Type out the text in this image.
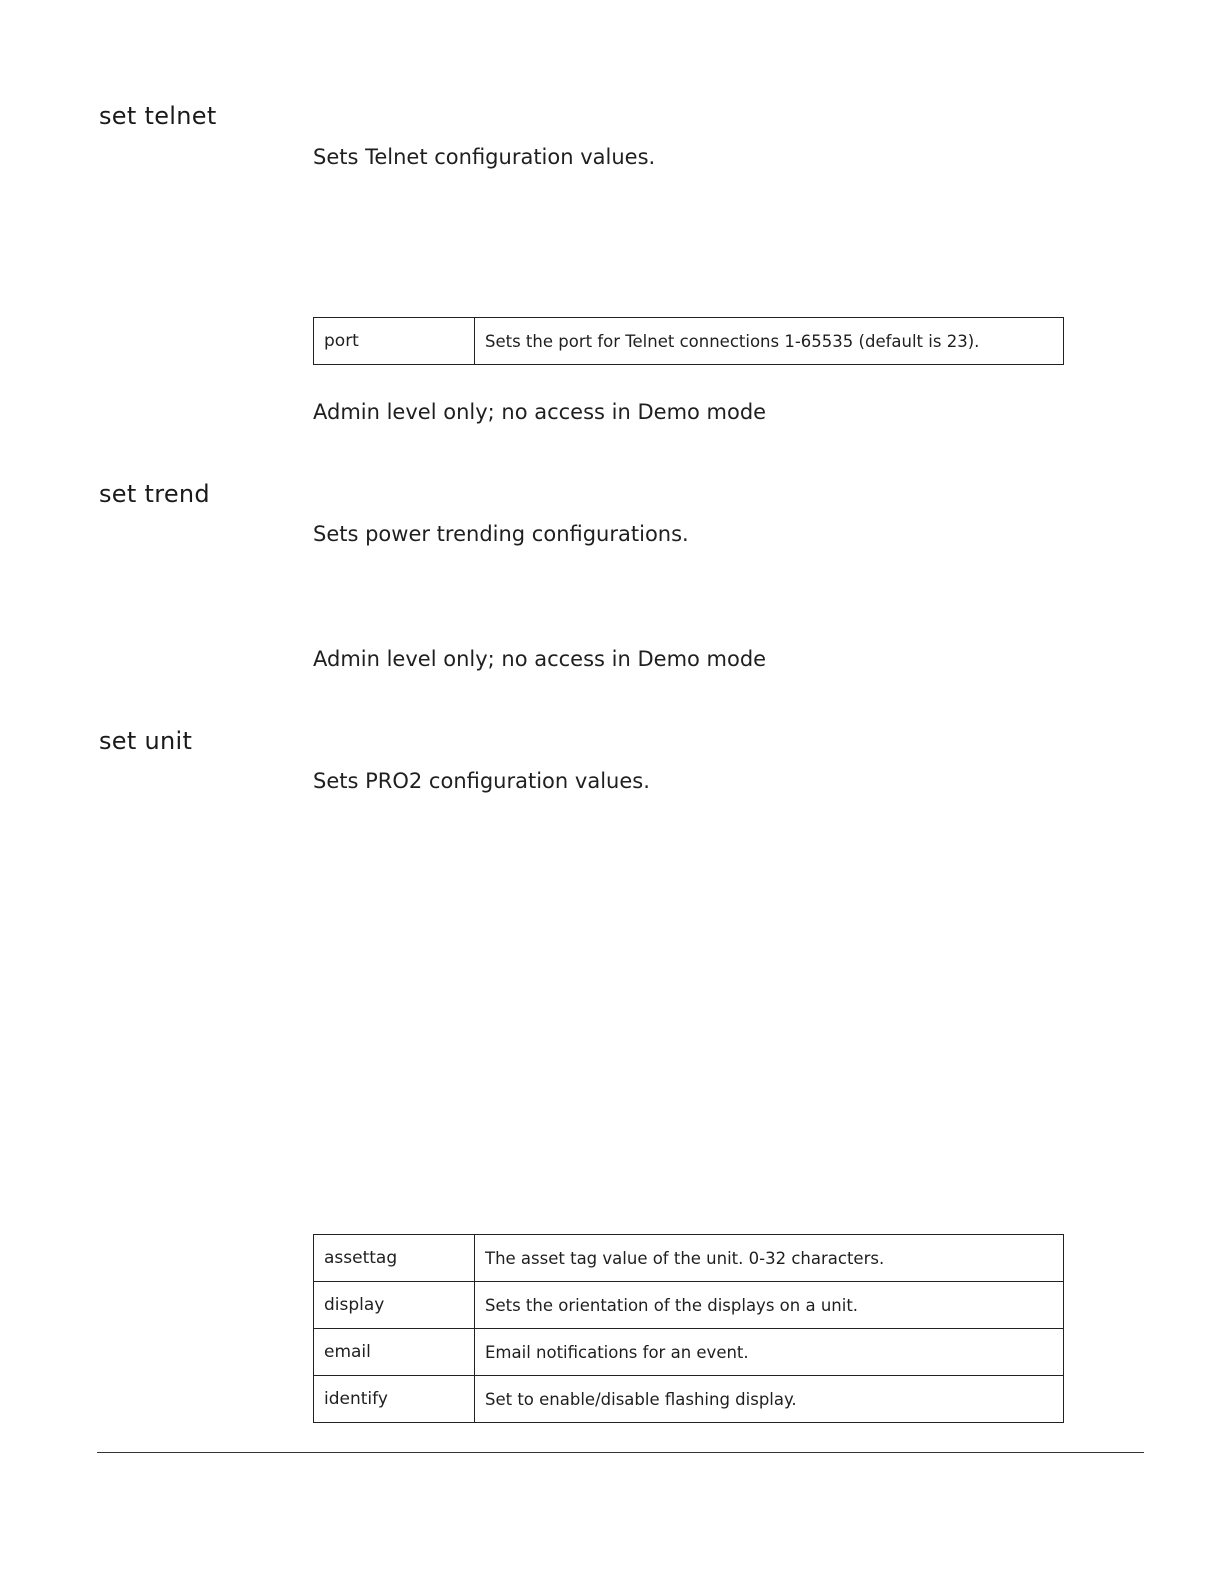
set telnet

Sets Telnet configuration values.

port	Sets the port for Telnet connections 1-65535 (default is 23).

Admin level only; no access in Demo mode

set trend

Sets power trending configurations.

Admin level only; no access in Demo mode

set unit

Sets PRO2 configuration values.

assettag	The asset tag value of the unit. 0-32 characters.
display	Sets the orientation of the displays on a unit.
email	Email notifications for an event.
identify	Set to enable/disable flashing display.
